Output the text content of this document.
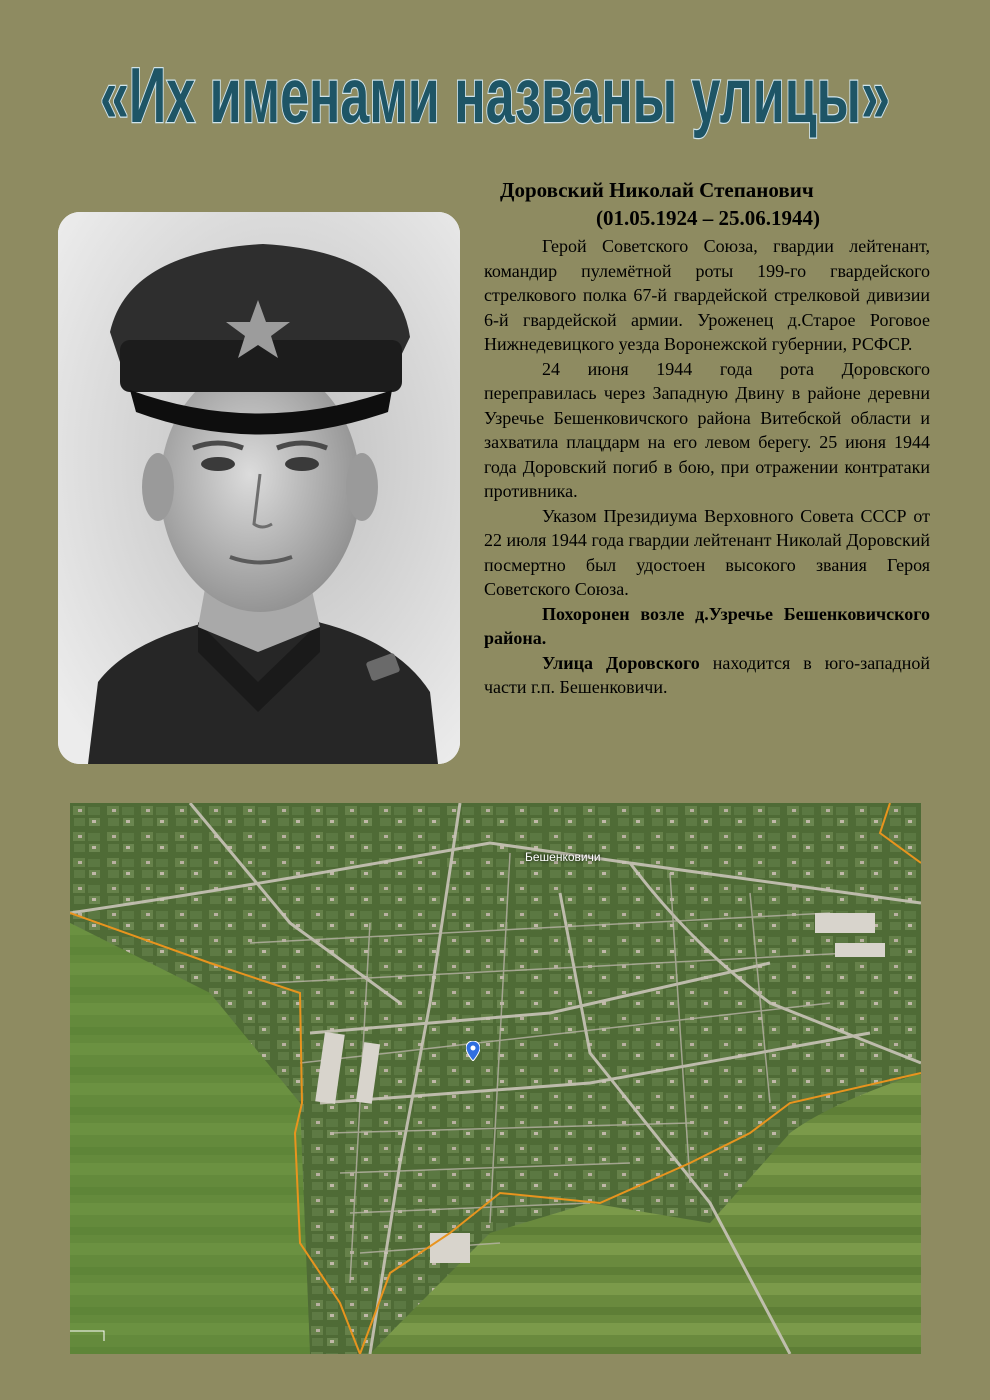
«Их именами названы улицы»
Доровский Николай Степанович
(01.05.1924 – 25.06.1944)

Герой Советского Союза, гвардии лейтенант, командир пулемётной роты 199-го гвардейского стрелкового полка 67-й гвардейской стрелковой дивизии 6-й гвардейской армии. Уроженец д.Старое Роговое Нижнедевицкого уезда Воронежской губернии, РСФСР.

24 июня 1944 года рота Доровского переправилась через Западную Двину в районе деревни Узречье Бешенковичского района Витебской области и захватила плацдарм на его левом берегу. 25 июня 1944 года Доровский погиб в бою, при отражении контратаки противника.

Указом Президиума Верховного Совета СССР от 22 июля 1944 года гвардии лейтенант Николай Доровский посмертно был удостоен высокого звания Героя Советского Союза.

Похоронен возле д.Узречье Бешенковичского района.

Улица Доровского находится в юго-западной части г.п. Бешенковичи.

Бешенковичи
